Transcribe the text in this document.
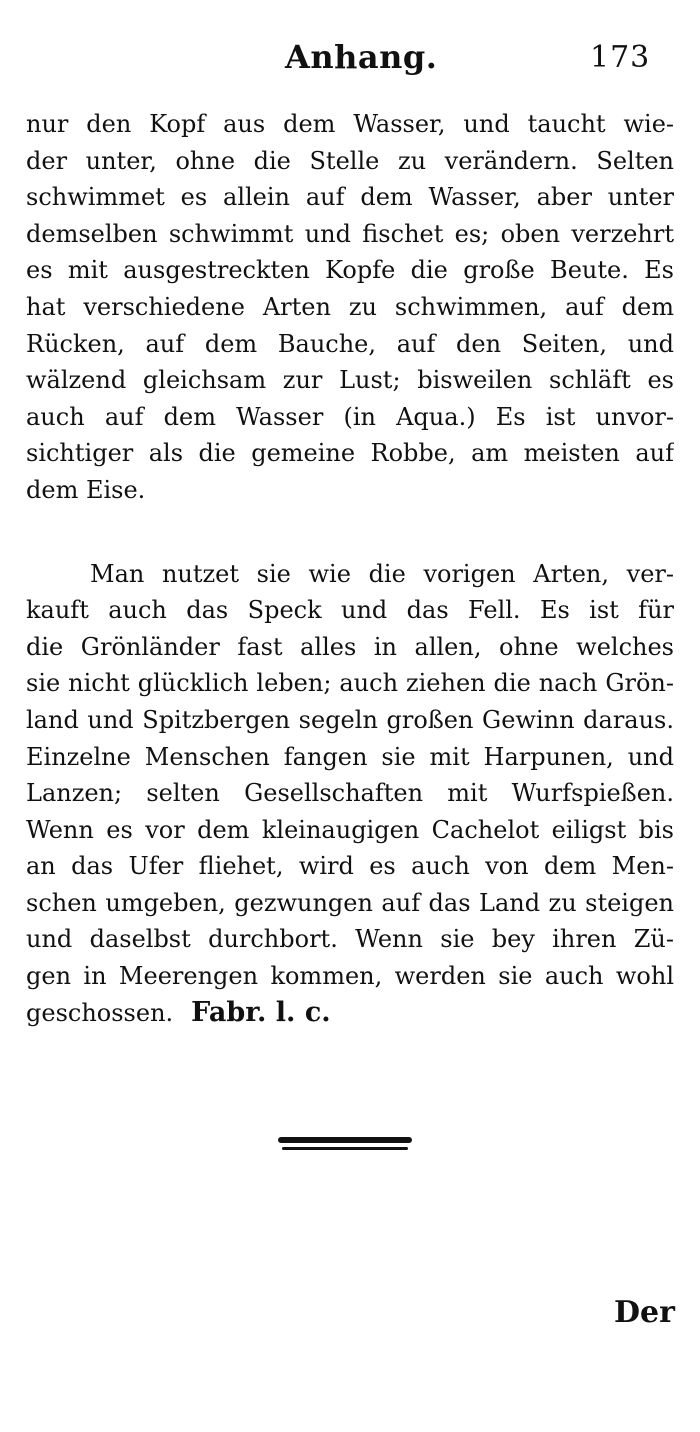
Anhang.	173
nur den Kopf aus dem Wasser, und taucht wie-
der unter, ohne die Stelle zu verändern. Selten
schwimmet es allein auf dem Wasser, aber unter
demselben schwimmt und fischet es; oben verzehrt
es mit ausgestreckten Kopfe die große Beute. Es
hat verschiedene Arten zu schwimmen, auf dem
Rücken, auf dem Bauche, auf den Seiten, und
wälzend gleichsam zur Lust; bisweilen schläft es
auch auf dem Wasser (in Aqua.) Es ist unvor-
sichtiger als die gemeine Robbe, am meisten auf
dem Eise.
Man nutzet sie wie die vorigen Arten, ver-
kauft auch das Speck und das Fell. Es ist für
die Grönländer fast alles in allen, ohne welches
sie nicht glücklich leben; auch ziehen die nach Grön-
land und Spitzbergen segeln großen Gewinn daraus.
Einzelne Menschen fangen sie mit Harpunen, und
Lanzen; selten Gesellschaften mit Wurfspießen.
Wenn es vor dem kleinaugigen Cachelot eiligst bis
an das Ufer fliehet, wird es auch von dem Men-
schen umgeben, gezwungen auf das Land zu steigen
und daselbst durchbort. Wenn sie bey ihren Zü-
gen in Meerengen kommen, werden sie auch wohl
geschossen. Fabr. l. c.
Der
